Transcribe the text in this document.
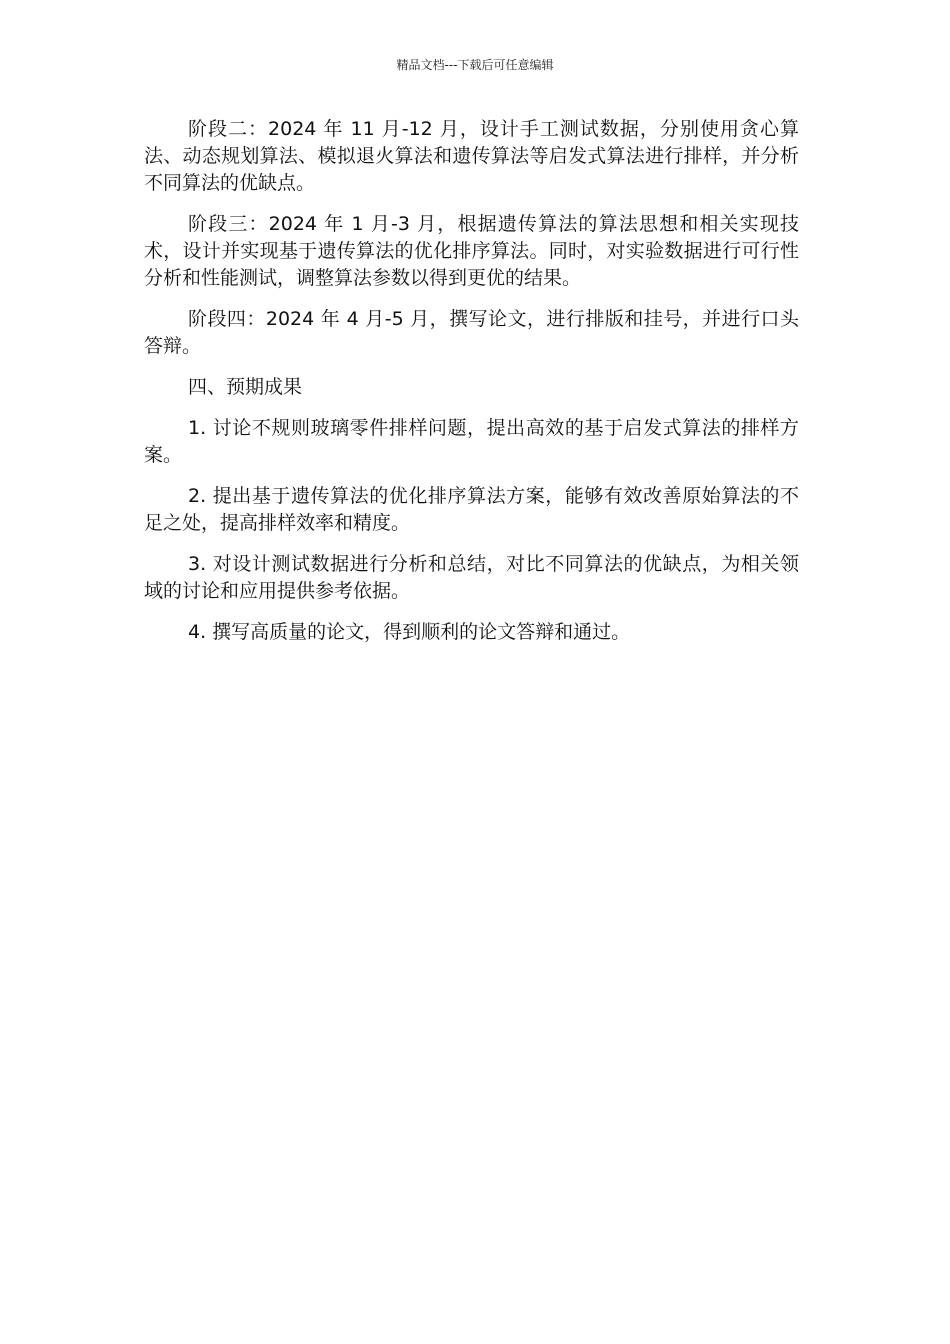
精品文档---下载后可任意编辑

阶段二：2024 年 11 月-12 月，设计手工测试数据，分别使用贪心算法、动态规划算法、模拟退火算法和遗传算法等启发式算法进行排样，并分析不同算法的优缺点。

阶段三：2024 年 1 月-3 月，根据遗传算法的算法思想和相关实现技术，设计并实现基于遗传算法的优化排序算法。同时，对实验数据进行可行性分析和性能测试，调整算法参数以得到更优的结果。

阶段四：2024 年 4 月-5 月，撰写论文，进行排版和挂号，并进行口头答辩。

四、预期成果

1. 讨论不规则玻璃零件排样问题，提出高效的基于启发式算法的排样方案。

2. 提出基于遗传算法的优化排序算法方案，能够有效改善原始算法的不足之处，提高排样效率和精度。

3. 对设计测试数据进行分析和总结，对比不同算法的优缺点，为相关领域的讨论和应用提供参考依据。

4. 撰写高质量的论文，得到顺利的论文答辩和通过。
